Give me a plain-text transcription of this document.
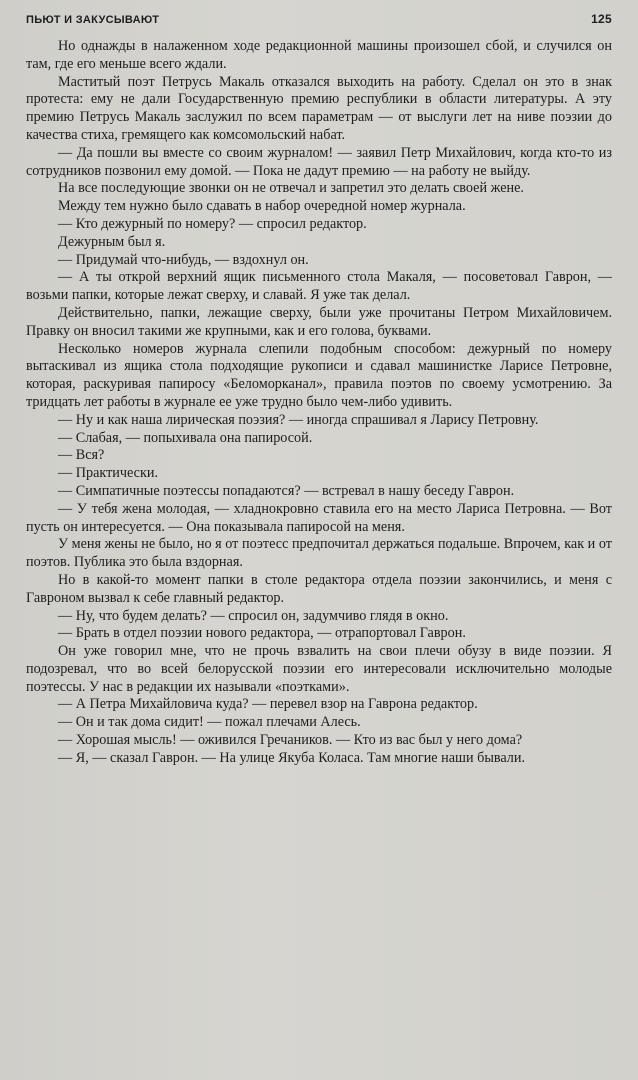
ПЬЮТ И ЗАКУСЫВАЮТ	125

Но однажды в налаженном ходе редакционной машины произошел сбой, и случился он там, где его меньше всего ждали.

Маститый поэт Петрусь Макаль отказался выходить на работу. Сделал он это в знак протеста: ему не дали Государственную премию республики в области литературы. А эту премию Петрусь Макаль заслужил по всем параметрам — от выслуги лет на ниве поэзии до качества стиха, гремящего как комсомольский набат.

— Да пошли вы вместе со своим журналом! — заявил Петр Михайлович, когда кто-то из сотрудников позвонил ему домой. — Пока не дадут премию — на работу не выйду.

На все последующие звонки он не отвечал и запретил это делать своей жене.

Между тем нужно было сдавать в набор очередной номер журнала.

— Кто дежурный по номеру? — спросил редактор.

Дежурным был я.

— Придумай что-нибудь, — вздохнул он.

— А ты открой верхний ящик письменного стола Макаля, — посоветовал Гаврон, — возьми папки, которые лежат сверху, и славай. Я уже так делал.

Действительно, папки, лежащие сверху, были уже прочитаны Петром Михайловичем. Правку он вносил такими же крупными, как и его голова, буквами.

Несколько номеров журнала слепили подобным способом: дежурный по номеру вытаскивал из ящика стола подходящие рукописи и сдавал машинистке Ларисе Петровне, которая, раскуривая папиросу «Беломорканал», правила поэтов по своему усмотрению. За тридцать лет работы в журнале ее уже трудно было чем-либо удивить.

— Ну и как наша лирическая поэзия? — иногда спрашивал я Ларису Петровну.

— Слабая, — попыхивала она папиросой.

— Вся?

— Практически.

— Симпатичные поэтессы попадаются? — встревал в нашу беседу Гаврон.

— У тебя жена молодая, — хладнокровно ставила его на место Лариса Петровна. — Вот пусть он интересуется. — Она показывала папиросой на меня.

У меня жены не было, но я от поэтесс предпочитал держаться подальше. Впрочем, как и от поэтов. Публика это была вздорная.

Но в какой-то момент папки в столе редактора отдела поэзии закончились, и меня с Гавроном вызвал к себе главный редактор.

— Ну, что будем делать? — спросил он, задумчиво глядя в окно.

— Брать в отдел поэзии нового редактора, — отрапортовал Гаврон.

Он уже говорил мне, что не прочь взвалить на свои плечи обузу в виде поэзии. Я подозревал, что во всей белорусской поэзии его интересовали исключительно молодые поэтессы. У нас в редакции их называли «поэтками».

— А Петра Михайловича куда? — перевел взор на Гаврона редактор.

— Он и так дома сидит! — пожал плечами Алесь.

— Хорошая мысль! — оживился Гречаников. — Кто из вас был у него дома?

— Я, — сказал Гаврон. — На улице Якуба Коласа. Там многие наши бывали.
